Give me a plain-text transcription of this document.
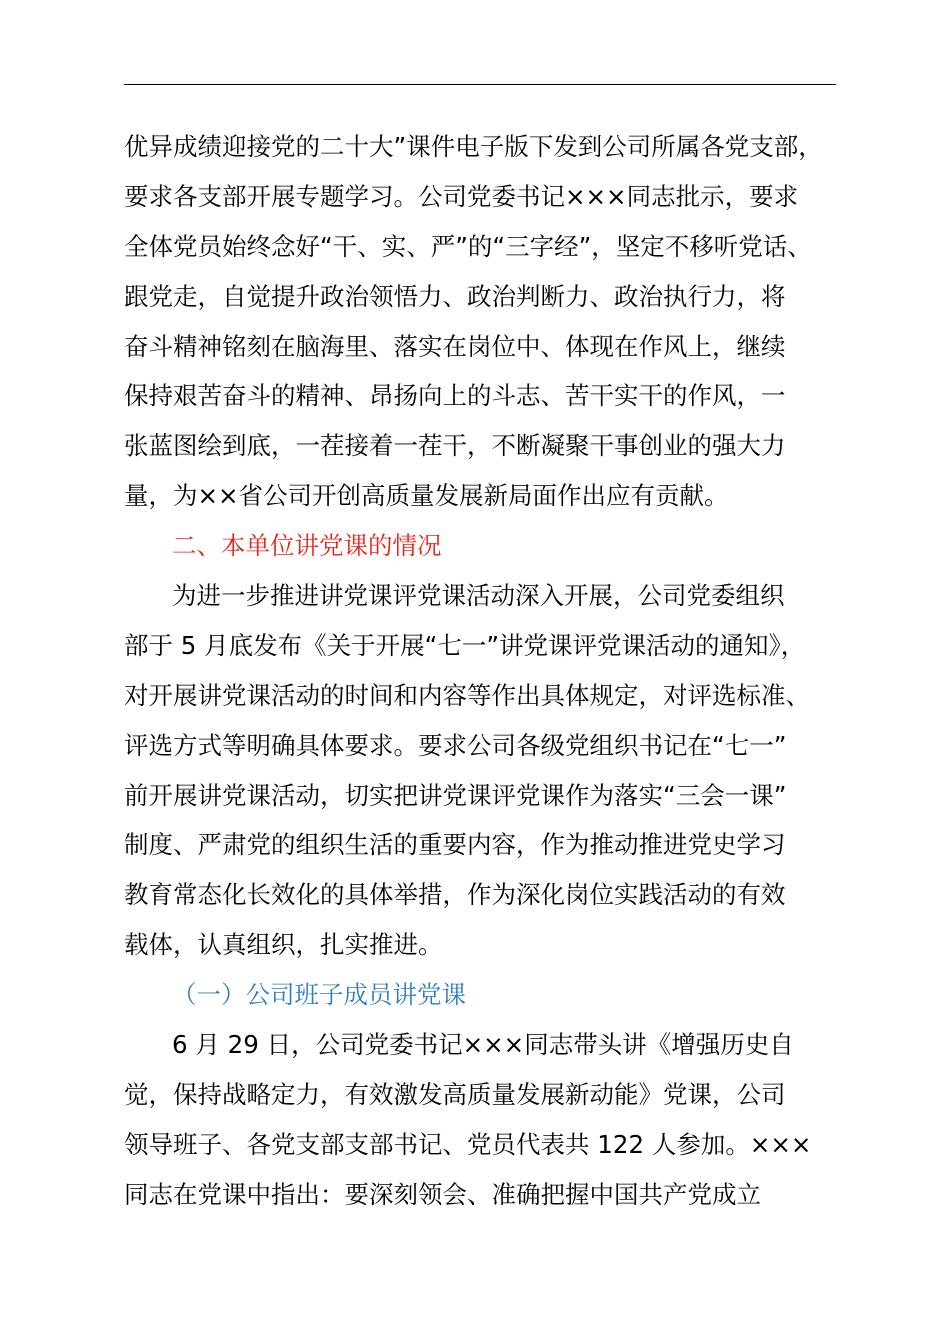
优异成绩迎接党的二十大”课件电子版下发到公司所属各党支部，
要求各支部开展专题学习。公司党委书记×××同志批示，要求
全体党员始终念好“干、实、严”的“三字经”，坚定不移听党话、
跟党走，自觉提升政治领悟力、政治判断力、政治执行力，将
奋斗精神铭刻在脑海里、落实在岗位中、体现在作风上，继续
保持艰苦奋斗的精神、昂扬向上的斗志、苦干实干的作风，一
张蓝图绘到底，一茬接着一茬干，不断凝聚干事创业的强大力
量，为××省公司开创高质量发展新局面作出应有贡献。
二、本单位讲党课的情况
为进一步推进讲党课评党课活动深入开展，公司党委组织
部于 5 月底发布《关于开展“七一”讲党课评党课活动的通知》，
对开展讲党课活动的时间和内容等作出具体规定，对评选标准、
评选方式等明确具体要求。要求公司各级党组织书记在“七一”
前开展讲党课活动，切实把讲党课评党课作为落实“三会一课”
制度、严肃党的组织生活的重要内容，作为推动推进党史学习
教育常态化长效化的具体举措，作为深化岗位实践活动的有效
载体，认真组织，扎实推进。
（一）公司班子成员讲党课
6 月 29 日，公司党委书记×××同志带头讲《增强历史自
觉，保持战略定力，有效激发高质量发展新动能》党课，公司
领导班子、各党支部支部书记、党员代表共 122 人参加。×××
同志在党课中指出：要深刻领会、准确把握中国共产党成立
